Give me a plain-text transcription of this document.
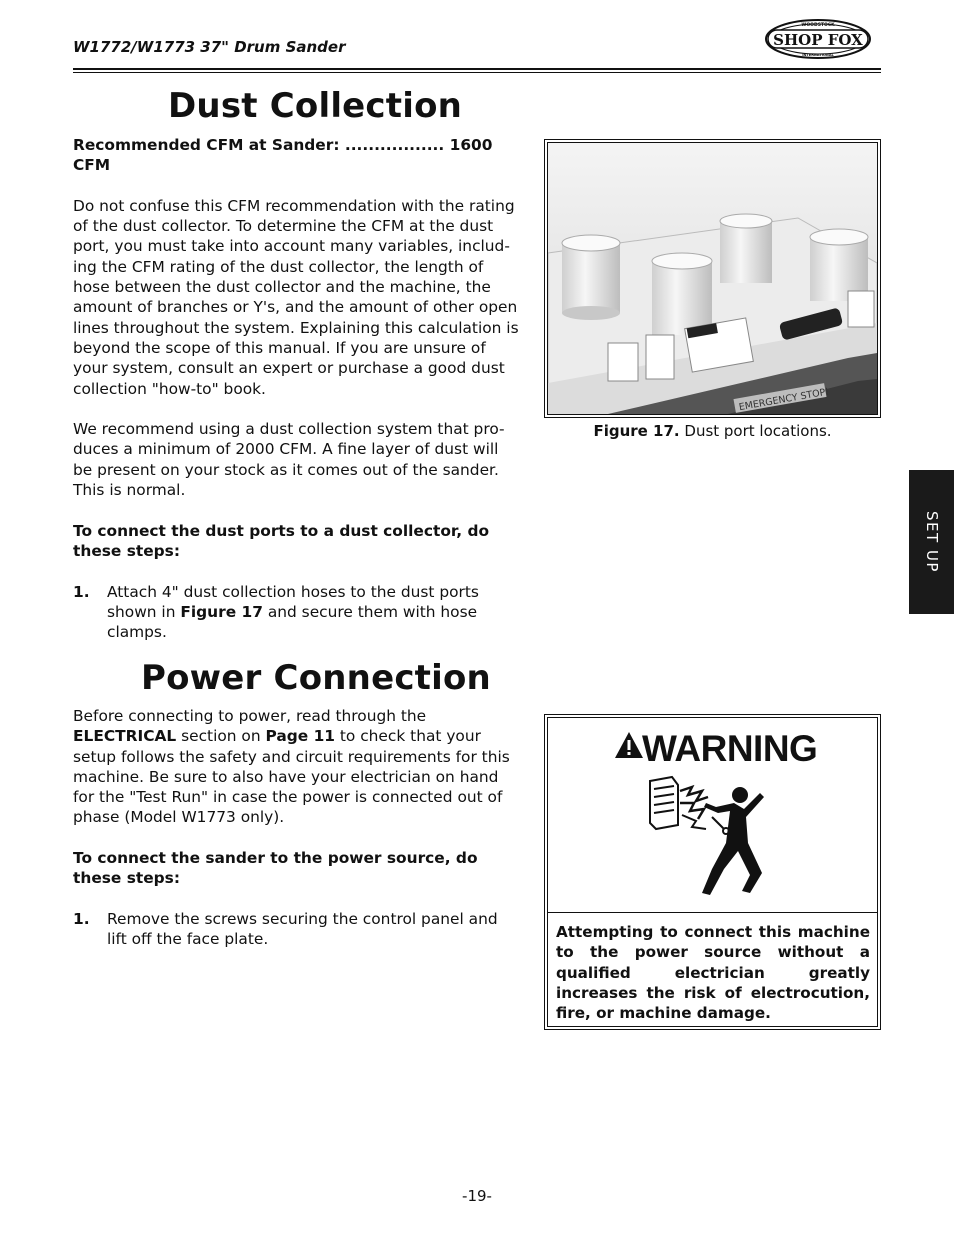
W1772/W1773 37" Drum Sander	SHOP FOX
WOODSTOCK
INTERNATIONAL
Dust Collection
Recommended CFM at Sander: ................. 1600 CFM
Do not confuse this CFM recommendation with the rating of the dust collector. To determine the CFM at the dust port, you must take into account many variables, includ-ing the CFM rating of the dust collector, the length of hose between the dust collector and the machine, the amount of branches or Y's, and the amount of other open lines throughout the system. Explaining this calculation is beyond the scope of this manual. If you are unsure of your system, consult an expert or purchase a good dust collection "how-to" book.
We recommend using a dust collection system that pro-duces a minimum of 2000 CFM. A fine layer of dust will be present on your stock as it comes out of the sander. This is normal.
To connect the dust ports to a dust collector, do these steps:
1.	Attach 4" dust collection hoses to the dust ports shown in Figure 17 and secure them with hose clamps.
EMERGENCY STOP!
Figure 17. Dust port locations.
SET UP
Power Connection
Before connecting to power, read through the ELECTRICAL section on Page 11 to check that your setup follows the safety and circuit requirements for this machine. Be sure to also have your electrician on hand for the "Test Run" in case the power is connected out of phase (Model W1773 only).
To connect the sander to the power source, do these steps:
1.	Remove the screws securing the control panel and lift off the face plate.
WARNING
Attempting to connect this machine to the power source without a qualified electrician greatly increases the risk of electrocution, fire, or machine damage.
-19-
